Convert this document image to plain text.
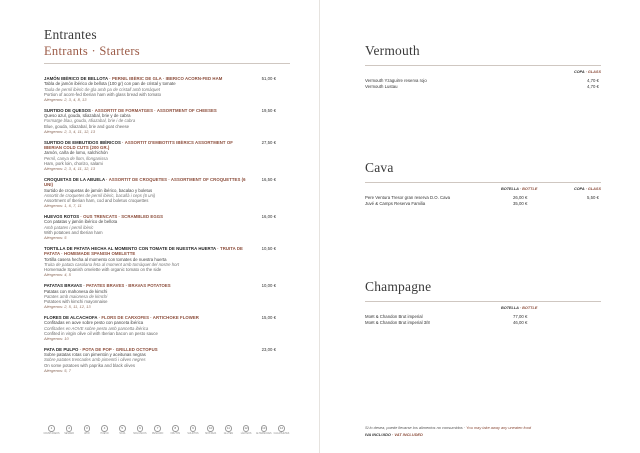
Entrantes
Entrants · Starters
JAMÓN IBÉRICO DE BELLOTA · PERNIL IBÈRIC DE GLA · IBERICO ACORN-FED HAM	51,00 €
Tabla de jamón ibérico de bellota (100 gr) con pan de cristal y tomate
Taula de pernil ibèric de gla amb pa de cristall amb tomàquet
Portion of acorn-fed Iberian ham with glass bread with tomato
Alérgenos: 2, 3, 4, 8, 13
SURTIDO DE QUESOS · ASSORTIT DE FORMATGES · ASSORTMENT OF CHEESES	19,50 €
Queso azul, gouda, Idiazabal, brie y de cabra
Formatge blau, gouda, Idiazabal, brie i de cabra
Blue, gouda, Idiazabal, brie and goat cheese
Alérgenos: 2, 3, 4, 11, 12, 13
SURTIDO DE EMBUTIDOS IBÉRICOS · ASSORTIT D'EMBOTITS IBÈRICS ASSORTMENT OF IBERIAN COLD CUTS (200 GR.)
27,50 €
Jamón, caña de lomo, salchichón
Pernil, canya de llom, llonganissa
Ham, pork loin, chorizo, salami
Alérgenos: 2, 3, 4, 11, 12, 13
CROQUETAS DE LA ABUELA · ASSORTIT DE CROQUETES · ASSORTMENT OF CROQUETTES (6 UNI)
16,50 €
Surtido de croquetas de jamón ibérico, bacalao y boletus
Assortit de croquetes de pernil ibèric, bacallà i ceps (6 uni)
Assortment of Iberian ham, cod and boletus croquettes
Alérgenos: 1, 6, 7, 11
HUEVOS ROTOS · OUS TRENCATS · SCRAMBLED EGGS	16,00 €
Con patatas y jamón ibérico de bellota
Amb patates i pernil ibèric
With potatoes and Iberian ham
Alérgenos: 5
TORTILLA DE PATATA HECHA AL MOMENTO CON TOMATE DE NUESTRA HUERTA · TRUITA DE PATATA · HOMEMADE SPANISH OMELETTE
10,50 €
Tortilla casera hecha al momento con tomates de nuestra huerta
Truita de patata casolana feta al moment amb tomàquet del nostre hort
Homemade Spanish omelette with organic tomato on the side
Alérgenos: 4, 5
PATATAS BRAVAS · PATATES BRAVES · BRAVAS POTATOES	10,00 €
Patatas con mahonesa de kimchi
Patates amb maionesa de kimchi
Potatoes with kimchi mayonnaise
Alérgenos: 2, 5, 11, 12, 13
FLORES DE ALCACHOFA · FLORS DE CARXOFES · ARTICHOKE FLOWER	15,00 €
Confitadas en aove sobre pesto con panceta ibérica
Confitades en AOVE sobre pesto amb pancetta ibèrica
Confited in virgin olive oil with Iberian bacon on pesto sauce
Alérgenos: 10
PATA DE PULPO · POTA DE POP · GRILLED OCTOPUS	23,00 €
Sobre patatas rotas con pimentón y aceitunas negras
Sobre patates trencades amb pimentó i olives negres
On some potatoes with paprika and black olives
Alérgenos: 5, 7
1
CRUSTÁCEOS
2
SÉSAMO
3
APIO
4
HUEVO
5
SOJA
6
MOLUSCOS
7
PESCADO
8
FRUTOS
9
SULFITOS
10
MOSTAZA
11
GLUTEN
12
LÁCTEOS
13
ALTRAMUCES
14
CACAHUETES
Vermouth
COPA · GLASS
Vermouth Yzaguirre reserva rojo	4,70 €
Vermouth Lustau	4,70 €
Cava
BOTELLA · BOTTLE	COPA · GLASS
Pere Ventura Tresor gran reserva D.O. Cava	26,00 €	5,50 €
Juvé & Camps Reserva Familia	35,00 €
Champagne
BOTELLA · BOTTLE
Moët & Chandon Brut imperial	77,00 €
Moët & Chandon Brut imperial 3/8	46,00 €
Si lo desea, puede llevarse los alimentos no consumidos · You may take away any uneaten food
IVA INCLUIDO · VAT INCLUDED
